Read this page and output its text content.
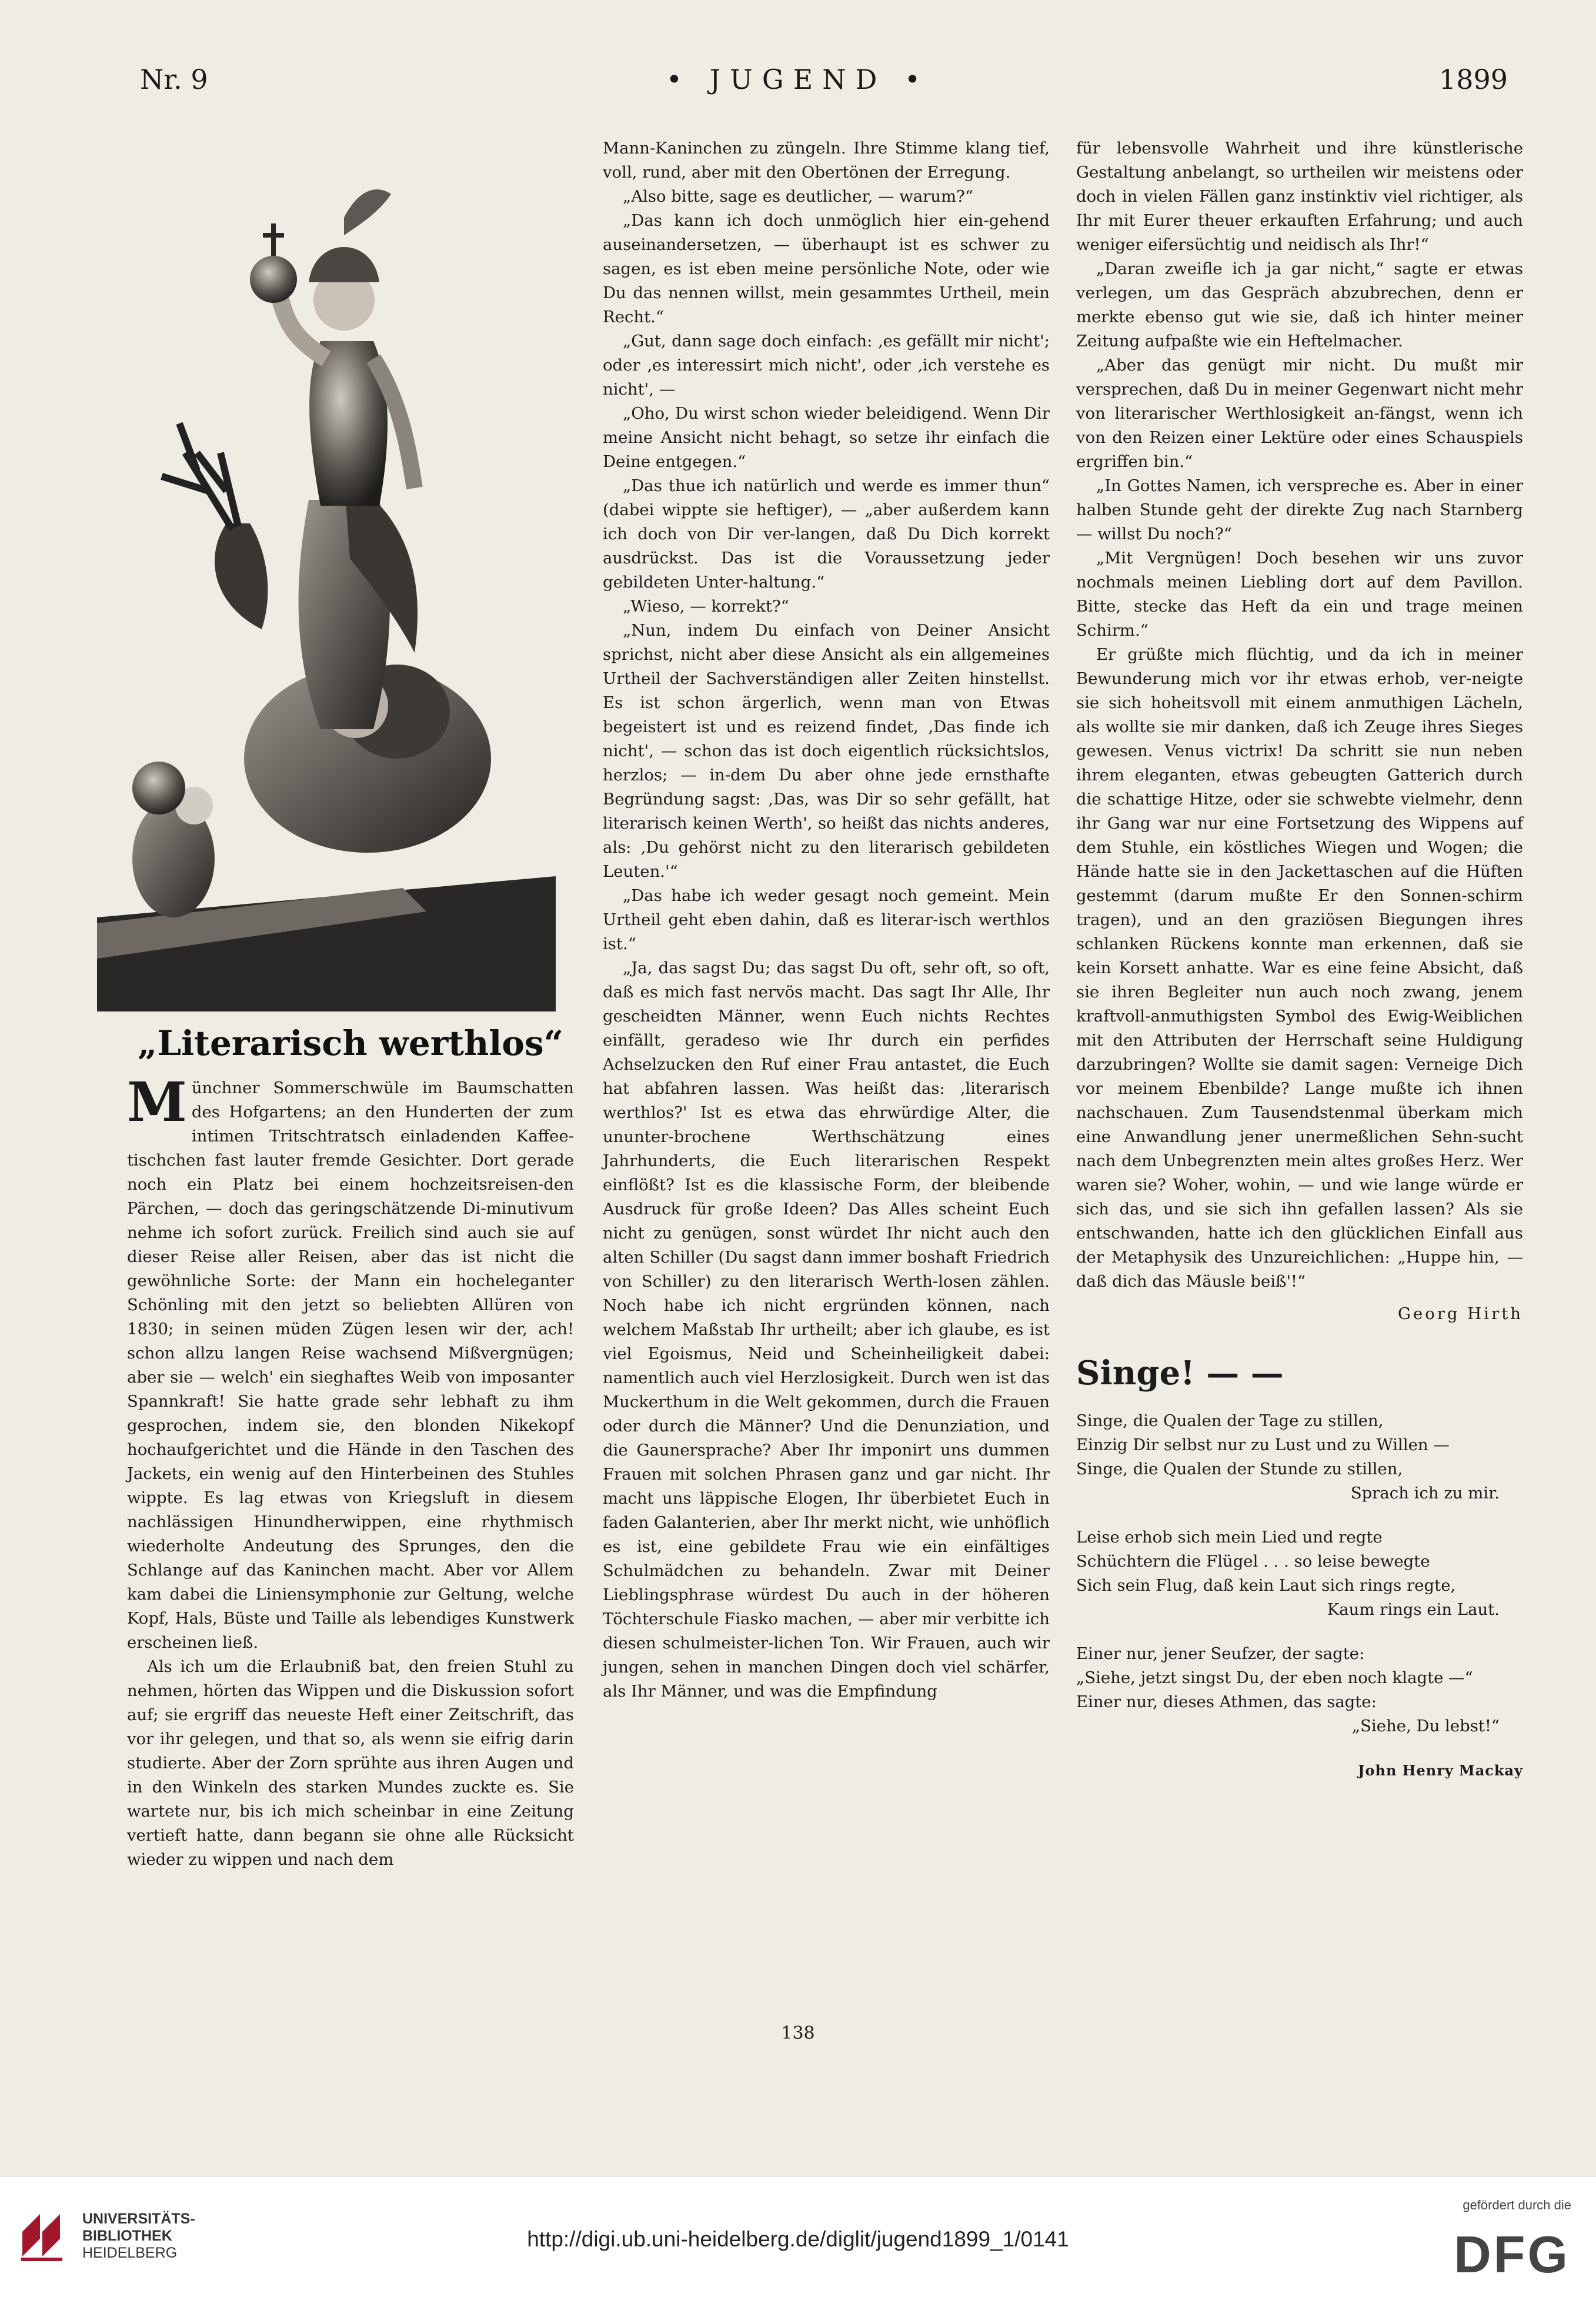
Nr. 9	• JUGEND •	1899
„Literarisch werthlos“

Münchner Sommerschwüle im Baumschatten des Hofgartens; an den Hunderten der zum intimen Tritschtratsch einladenden Kaffee-tischchen fast lauter fremde Gesichter. Dort gerade noch ein Platz bei einem hochzeitsreisen-den Pärchen, — doch das geringschätzende Di-minutivum nehme ich sofort zurück. Freilich sind auch sie auf dieser Reise aller Reisen, aber das ist nicht die gewöhnliche Sorte: der Mann ein hocheleganter Schönling mit den jetzt so beliebten Allüren von 1830; in seinen müden Zügen lesen wir der, ach! schon allzu langen Reise wachsend Mißvergnügen; aber sie — welch' ein sieghaftes Weib von imposanter Spannkraft! Sie hatte grade sehr lebhaft zu ihm gesprochen, indem sie, den blonden Nikekopf hochaufgerichtet und die Hände in den Taschen des Jackets, ein wenig auf den Hinterbeinen des Stuhles wippte. Es lag etwas von Kriegsluft in diesem nachlässigen Hinundherwippen, eine rhythmisch wiederholte Andeutung des Sprunges, den die Schlange auf das Kaninchen macht. Aber vor Allem kam dabei die Liniensymphonie zur Geltung, welche Kopf, Hals, Büste und Taille als lebendiges Kunstwerk erscheinen ließ.

Als ich um die Erlaubniß bat, den freien Stuhl zu nehmen, hörten das Wippen und die Diskussion sofort auf; sie ergriff das neueste Heft einer Zeitschrift, das vor ihr gelegen, und that so, als wenn sie eifrig darin studierte. Aber der Zorn sprühte aus ihren Augen und in den Winkeln des starken Mundes zuckte es. Sie wartete nur, bis ich mich scheinbar in eine Zeitung vertieft hatte, dann begann sie ohne alle Rücksicht wieder zu wippen und nach dem

Mann-Kaninchen zu züngeln. Ihre Stimme klang tief, voll, rund, aber mit den Obertönen der Erregung.

„Also bitte, sage es deutlicher, — warum?“

„Das kann ich doch unmöglich hier ein-gehend auseinandersetzen, — überhaupt ist es schwer zu sagen, es ist eben meine persönliche Note, oder wie Du das nennen willst, mein gesammtes Urtheil, mein Recht.“

„Gut, dann sage doch einfach: ‚es gefällt mir nicht'; oder ‚es interessirt mich nicht', oder ‚ich verstehe es nicht', —

„Oho, Du wirst schon wieder beleidigend. Wenn Dir meine Ansicht nicht behagt, so setze ihr einfach die Deine entgegen.“

„Das thue ich natürlich und werde es immer thun“ (dabei wippte sie heftiger), — „aber außerdem kann ich doch von Dir ver-langen, daß Du Dich korrekt ausdrückst. Das ist die Voraussetzung jeder gebildeten Unter-haltung.“

„Wieso, — korrekt?“

„Nun, indem Du einfach von Deiner Ansicht sprichst, nicht aber diese Ansicht als ein allgemeines Urtheil der Sachverständigen aller Zeiten hinstellst. Es ist schon ärgerlich, wenn man von Etwas begeistert ist und es reizend findet, ‚Das finde ich nicht', — schon das ist doch eigentlich rücksichtslos, herzlos; — in-dem Du aber ohne jede ernsthafte Begründung sagst: ‚Das, was Dir so sehr gefällt, hat literarisch keinen Werth', so heißt das nichts anderes, als: ‚Du gehörst nicht zu den literarisch gebildeten Leuten.'“

„Das habe ich weder gesagt noch gemeint. Mein Urtheil geht eben dahin, daß es literar-isch werthlos ist.“

„Ja, das sagst Du; das sagst Du oft, sehr oft, so oft, daß es mich fast nervös macht. Das sagt Ihr Alle, Ihr gescheidten Männer, wenn Euch nichts Rechtes einfällt, geradeso wie Ihr durch ein perfides Achselzucken den Ruf einer Frau antastet, die Euch hat abfahren lassen. Was heißt das: ‚literarisch werthlos?' Ist es etwa das ehrwürdige Alter, die ununter-brochene Werthschätzung eines Jahrhunderts, die Euch literarischen Respekt einflößt? Ist es die klassische Form, der bleibende Ausdruck für große Ideen? Das Alles scheint Euch nicht zu genügen, sonst würdet Ihr nicht auch den alten Schiller (Du sagst dann immer boshaft Friedrich von Schiller) zu den literarisch Werth-losen zählen. Noch habe ich nicht ergründen können, nach welchem Maßstab Ihr urtheilt; aber ich glaube, es ist viel Egoismus, Neid und Scheinheiligkeit dabei: namentlich auch viel Herzlosigkeit. Durch wen ist das Muckerthum in die Welt gekommen, durch die Frauen oder durch die Männer? Und die Denunziation, und die Gaunersprache? Aber Ihr imponirt uns dummen Frauen mit solchen Phrasen ganz und gar nicht. Ihr macht uns läppische Elogen, Ihr überbietet Euch in faden Galanterien, aber Ihr merkt nicht, wie unhöflich es ist, eine gebildete Frau wie ein einfältiges Schulmädchen zu behandeln. Zwar mit Deiner Lieblingsphrase würdest Du auch in der höheren Töchterschule Fiasko machen, — aber mir verbitte ich diesen schulmeister-lichen Ton. Wir Frauen, auch wir jungen, sehen in manchen Dingen doch viel schärfer, als Ihr Männer, und was die Empfindung

für lebensvolle Wahrheit und ihre künstlerische Gestaltung anbelangt, so urtheilen wir meistens oder doch in vielen Fällen ganz instinktiv viel richtiger, als Ihr mit Eurer theuer erkauften Erfahrung; und auch weniger eifersüchtig und neidisch als Ihr!“

„Daran zweifle ich ja gar nicht,“ sagte er etwas verlegen, um das Gespräch abzubrechen, denn er merkte ebenso gut wie sie, daß ich hinter meiner Zeitung aufpaßte wie ein Heftelmacher.

„Aber das genügt mir nicht. Du mußt mir versprechen, daß Du in meiner Gegenwart nicht mehr von literarischer Werthlosigkeit an-fängst, wenn ich von den Reizen einer Lektüre oder eines Schauspiels ergriffen bin.“

„In Gottes Namen, ich verspreche es. Aber in einer halben Stunde geht der direkte Zug nach Starnberg — willst Du noch?“

„Mit Vergnügen! Doch besehen wir uns zuvor nochmals meinen Liebling dort auf dem Pavillon. Bitte, stecke das Heft da ein und trage meinen Schirm.“

Er grüßte mich flüchtig, und da ich in meiner Bewunderung mich vor ihr etwas erhob, ver-neigte sie sich hoheitsvoll mit einem anmuthigen Lächeln, als wollte sie mir danken, daß ich Zeuge ihres Sieges gewesen. Venus victrix! Da schritt sie nun neben ihrem eleganten, etwas gebeugten Gatterich durch die schattige Hitze, oder sie schwebte vielmehr, denn ihr Gang war nur eine Fortsetzung des Wippens auf dem Stuhle, ein köstliches Wiegen und Wogen; die Hände hatte sie in den Jackettaschen auf die Hüften gestemmt (darum mußte Er den Sonnen-schirm tragen), und an den graziösen Biegungen ihres schlanken Rückens konnte man erkennen, daß sie kein Korsett anhatte. War es eine feine Absicht, daß sie ihren Begleiter nun auch noch zwang, jenem kraftvoll-anmuthigsten Symbol des Ewig-Weiblichen mit den Attributen der Herrschaft seine Huldigung darzubringen? Wollte sie damit sagen: Verneige Dich vor meinem Ebenbilde? Lange mußte ich ihnen nachschauen. Zum Tausendstenmal überkam mich eine Anwandlung jener unermeßlichen Sehn-sucht nach dem Unbegrenzten mein altes großes Herz. Wer waren sie? Woher, wohin, — und wie lange würde er sich das, und sie sich ihn gefallen lassen? Als sie entschwanden, hatte ich den glücklichen Einfall aus der Metaphysik des Unzureichlichen: „Huppe hin, — daß dich das Mäusle beiß'!“

Georg Hirth
Singe! — —
Singe, die Qualen der Tage zu stillen,
Einzig Dir selbst nur zu Lust und zu Willen —
Singe, die Qualen der Stunde zu stillen,
Sprach ich zu mir.
Leise erhob sich mein Lied und regte
Schüchtern die Flügel . . . so leise bewegte
Sich sein Flug, daß kein Laut sich rings regte,
Kaum rings ein Laut.
Einer nur, jener Seufzer, der sagte:
„Siehe, jetzt singst Du, der eben noch klagte —“
Einer nur, dieses Athmen, das sagte:
„Siehe, Du lebst!“
John Henry Mackay
138
UNIVERSITÄTS-
BIBLIOTHEK
HEIDELBERG
http://digi.ub.uni-heidelberg.de/diglit/jugend1899_1/0141
gefördert durch die
DFG
